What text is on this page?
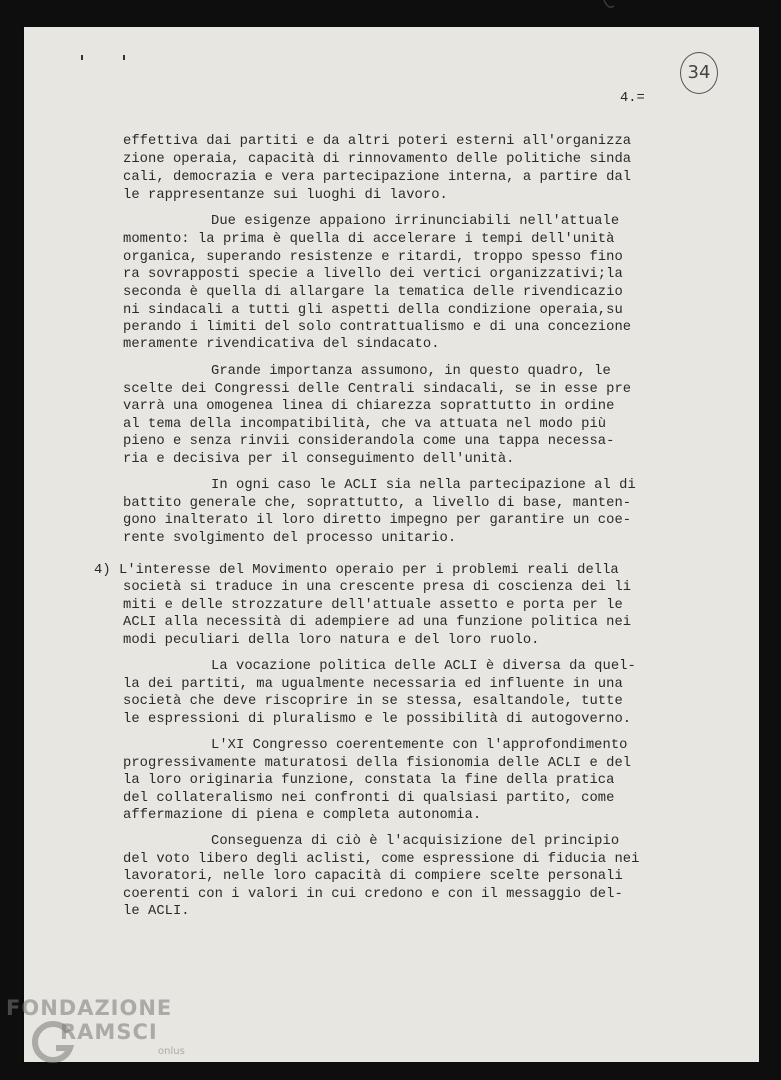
34
4.=
effettiva dai partiti e da altri poteri esterni all'organizza
zione operaia, capacità di rinnovamento delle politiche sinda
cali, democrazia e vera partecipazione interna, a partire dal
le rappresentanze sui luoghi di lavoro.
Due esigenze appaiono irrinunciabili nell'attuale
momento: la prima è quella di accelerare i tempi dell'unità
organica, superando resistenze e ritardi, troppo spesso fino
ra sovrapposti specie a livello dei vertici organizzativi;la
seconda è quella di allargare la tematica delle rivendicazio
ni sindacali a tutti gli aspetti della condizione operaia,su
perando i limiti del solo contrattualismo e di una concezione
meramente rivendicativa del sindacato.
Grande importanza assumono, in questo quadro, le
scelte dei Congressi delle Centrali sindacali, se in esse pre
varrà una omogenea linea di chiarezza soprattutto in ordine
al tema della incompatibilità, che va attuata nel modo più
pieno e senza rinvii considerandola come una tappa necessa-
ria e decisiva per il conseguimento dell'unità.
In ogni caso le ACLI sia nella partecipazione al di
battito generale che, soprattutto, a livello di base, manten-
gono inalterato il loro diretto impegno per garantire un coe-
rente svolgimento del processo unitario.
4) L'interesse del Movimento operaio per i problemi reali della
società si traduce in una crescente presa di coscienza dei li
miti e delle strozzature dell'attuale assetto e porta per le
ACLI alla necessità di adempiere ad una funzione politica nei
modi peculiari della loro natura e del loro ruolo.
La vocazione politica delle ACLI è diversa da quel-
la dei partiti, ma ugualmente necessaria ed influente in una
società che deve riscoprire in se stessa, esaltandole, tutte
le espressioni di pluralismo e le possibilità di autogoverno.
L'XI Congresso coerentemente con l'approfondimento
progressivamente maturatosi della fisionomia delle ACLI e del
la loro originaria funzione, constata la fine della pratica
del collateralismo nei confronti di qualsiasi partito, come
affermazione di piena e completa autonomia.
Conseguenza di ciò è l'acquisizione del principio
del voto libero degli aclisti, come espressione di fiducia nei
lavoratori, nelle loro capacità di compiere scelte personali
coerenti con i valori in cui credono e con il messaggio del-
le ACLI.
FONDAZIONE
RAMSCI
onlus
